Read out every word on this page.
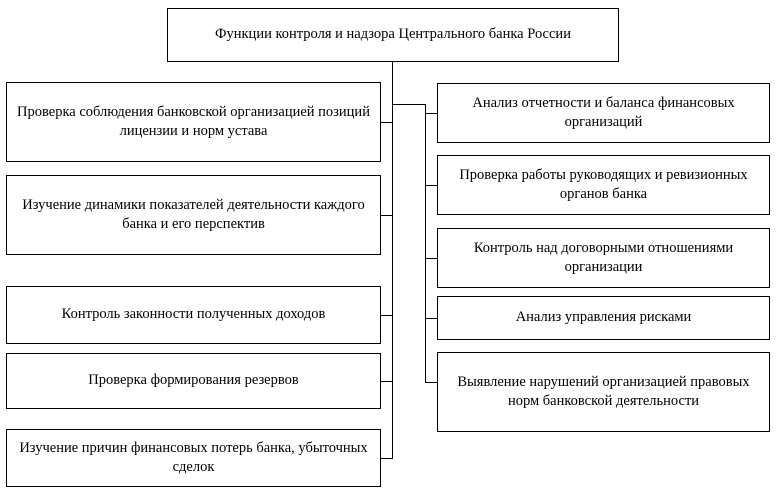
Функции контроля и надзора Центрального банка России
Проверка соблюдения банковской организацией позиций лицензии и норм устава
Изучение динамики показателей деятельности каждого банка и его перспектив
Контроль законности полученных доходов
Проверка формирования резервов
Изучение причин финансовых потерь банка, убыточных сделок
Анализ отчетности и баланса финансовых организаций
Проверка работы руководящих и ревизионных органов банка
Контроль над договорными отношениями организации
Анализ управления рисками
Выявление нарушений организацией правовых норм банковской деятельности
